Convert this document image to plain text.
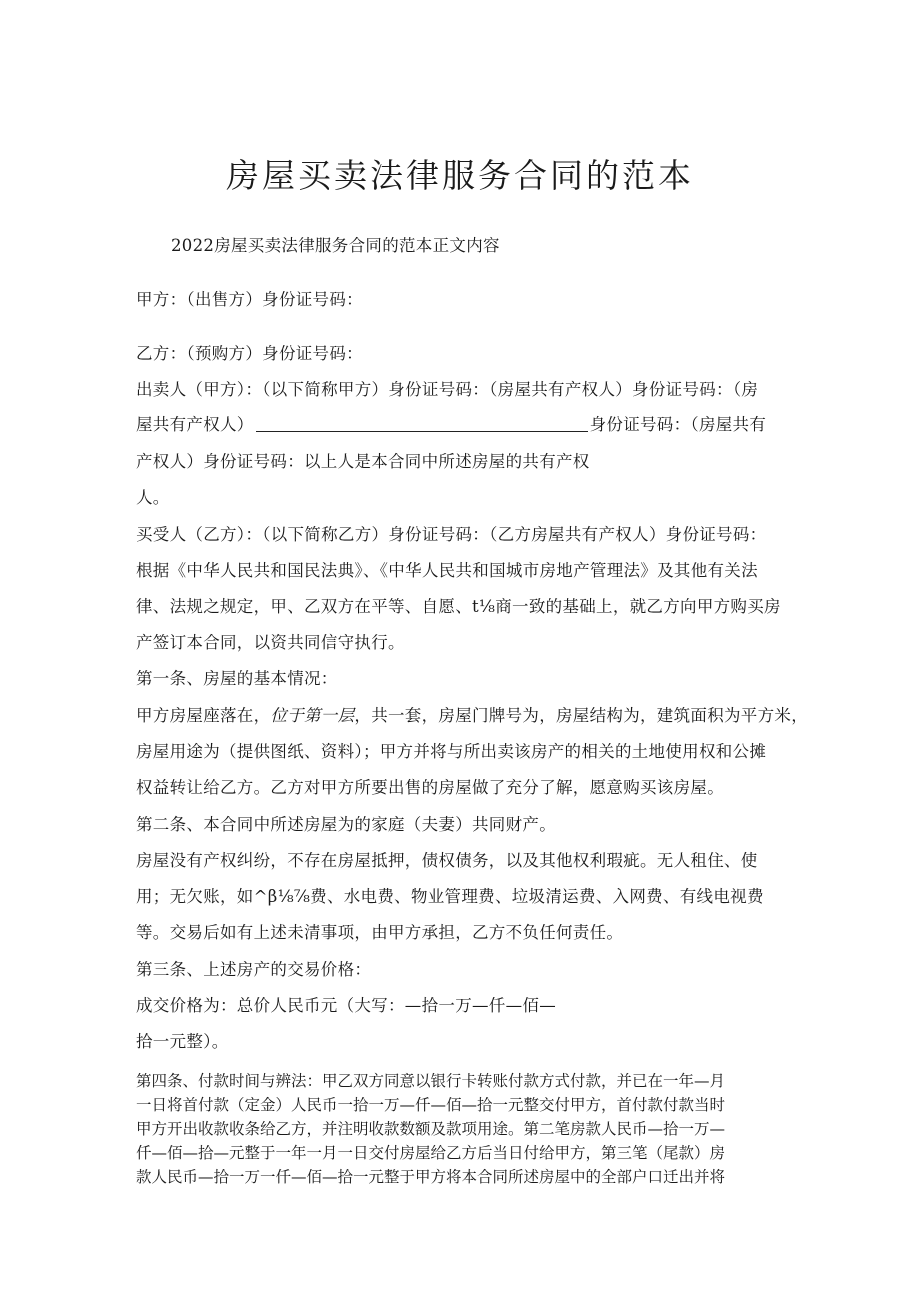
房屋买卖法律服务合同的范本
2022房屋买卖法律服务合同的范本正文内容
甲方：（出售方）身份证号码：
乙方：（预购方）身份证号码：
出卖人（甲方）：（以下简称甲方）身份证号码：（房屋共有产权人）身份证号码：（房
屋共有产权人）	身份证号码：（房屋共有
产权人）身份证号码：以上人是本合同中所述房屋的共有产权
人。
买受人（乙方）：（以下简称乙方）身份证号码：（乙方房屋共有产权人）身份证号码：
根据《中华人民共和国民法典》、《中华人民共和国城市房地产管理法》及其他有关法
律、法规之规定，甲、乙双方在平等、自愿、t⅛商一致的基础上，就乙方向甲方购买房
产签订本合同，以资共同信守执行。
第一条、房屋的基本情况：
甲方房屋座落在，位于第一层，共一套，房屋门牌号为，房屋结构为，建筑面积为平方米，
房屋用途为（提供图纸、资料）；甲方并将与所出卖该房产的相关的土地使用权和公摊
权益转让给乙方。乙方对甲方所要出售的房屋做了充分了解，愿意购买该房屋。
第二条、本合同中所述房屋为的家庭（夫妻）共同财产。
房屋没有产权纠纷，不存在房屋抵押，债权债务，以及其他权利瑕疵。无人租住、使
用；无欠账，如^β⅛⅞费、水电费、物业管理费、垃圾清运费、入网费、有线电视费
等。交易后如有上述未清事项，由甲方承担，乙方不负任何责任。
第三条、上述房产的交易价格：
成交价格为：总价人民币元（大写：—拾一万—仟—佰—
拾一元整）。
第四条、付款时间与辨法：甲乙双方同意以银行卡转账付款方式付款，并已在一年—月
一日将首付款（定金）人民币一拾一万—仟—佰—拾一元整交付甲方，首付款付款当时
甲方开出收款收条给乙方，并注明收款数额及款项用途。第二笔房款人民币—拾一万—
仟—佰—拾—元整于一年一月一日交付房屋给乙方后当日付给甲方，第三笔（尾款）房
款人民币—拾一万一仟—佰—拾一元整于甲方将本合同所述房屋中的全部户口迁出并将
